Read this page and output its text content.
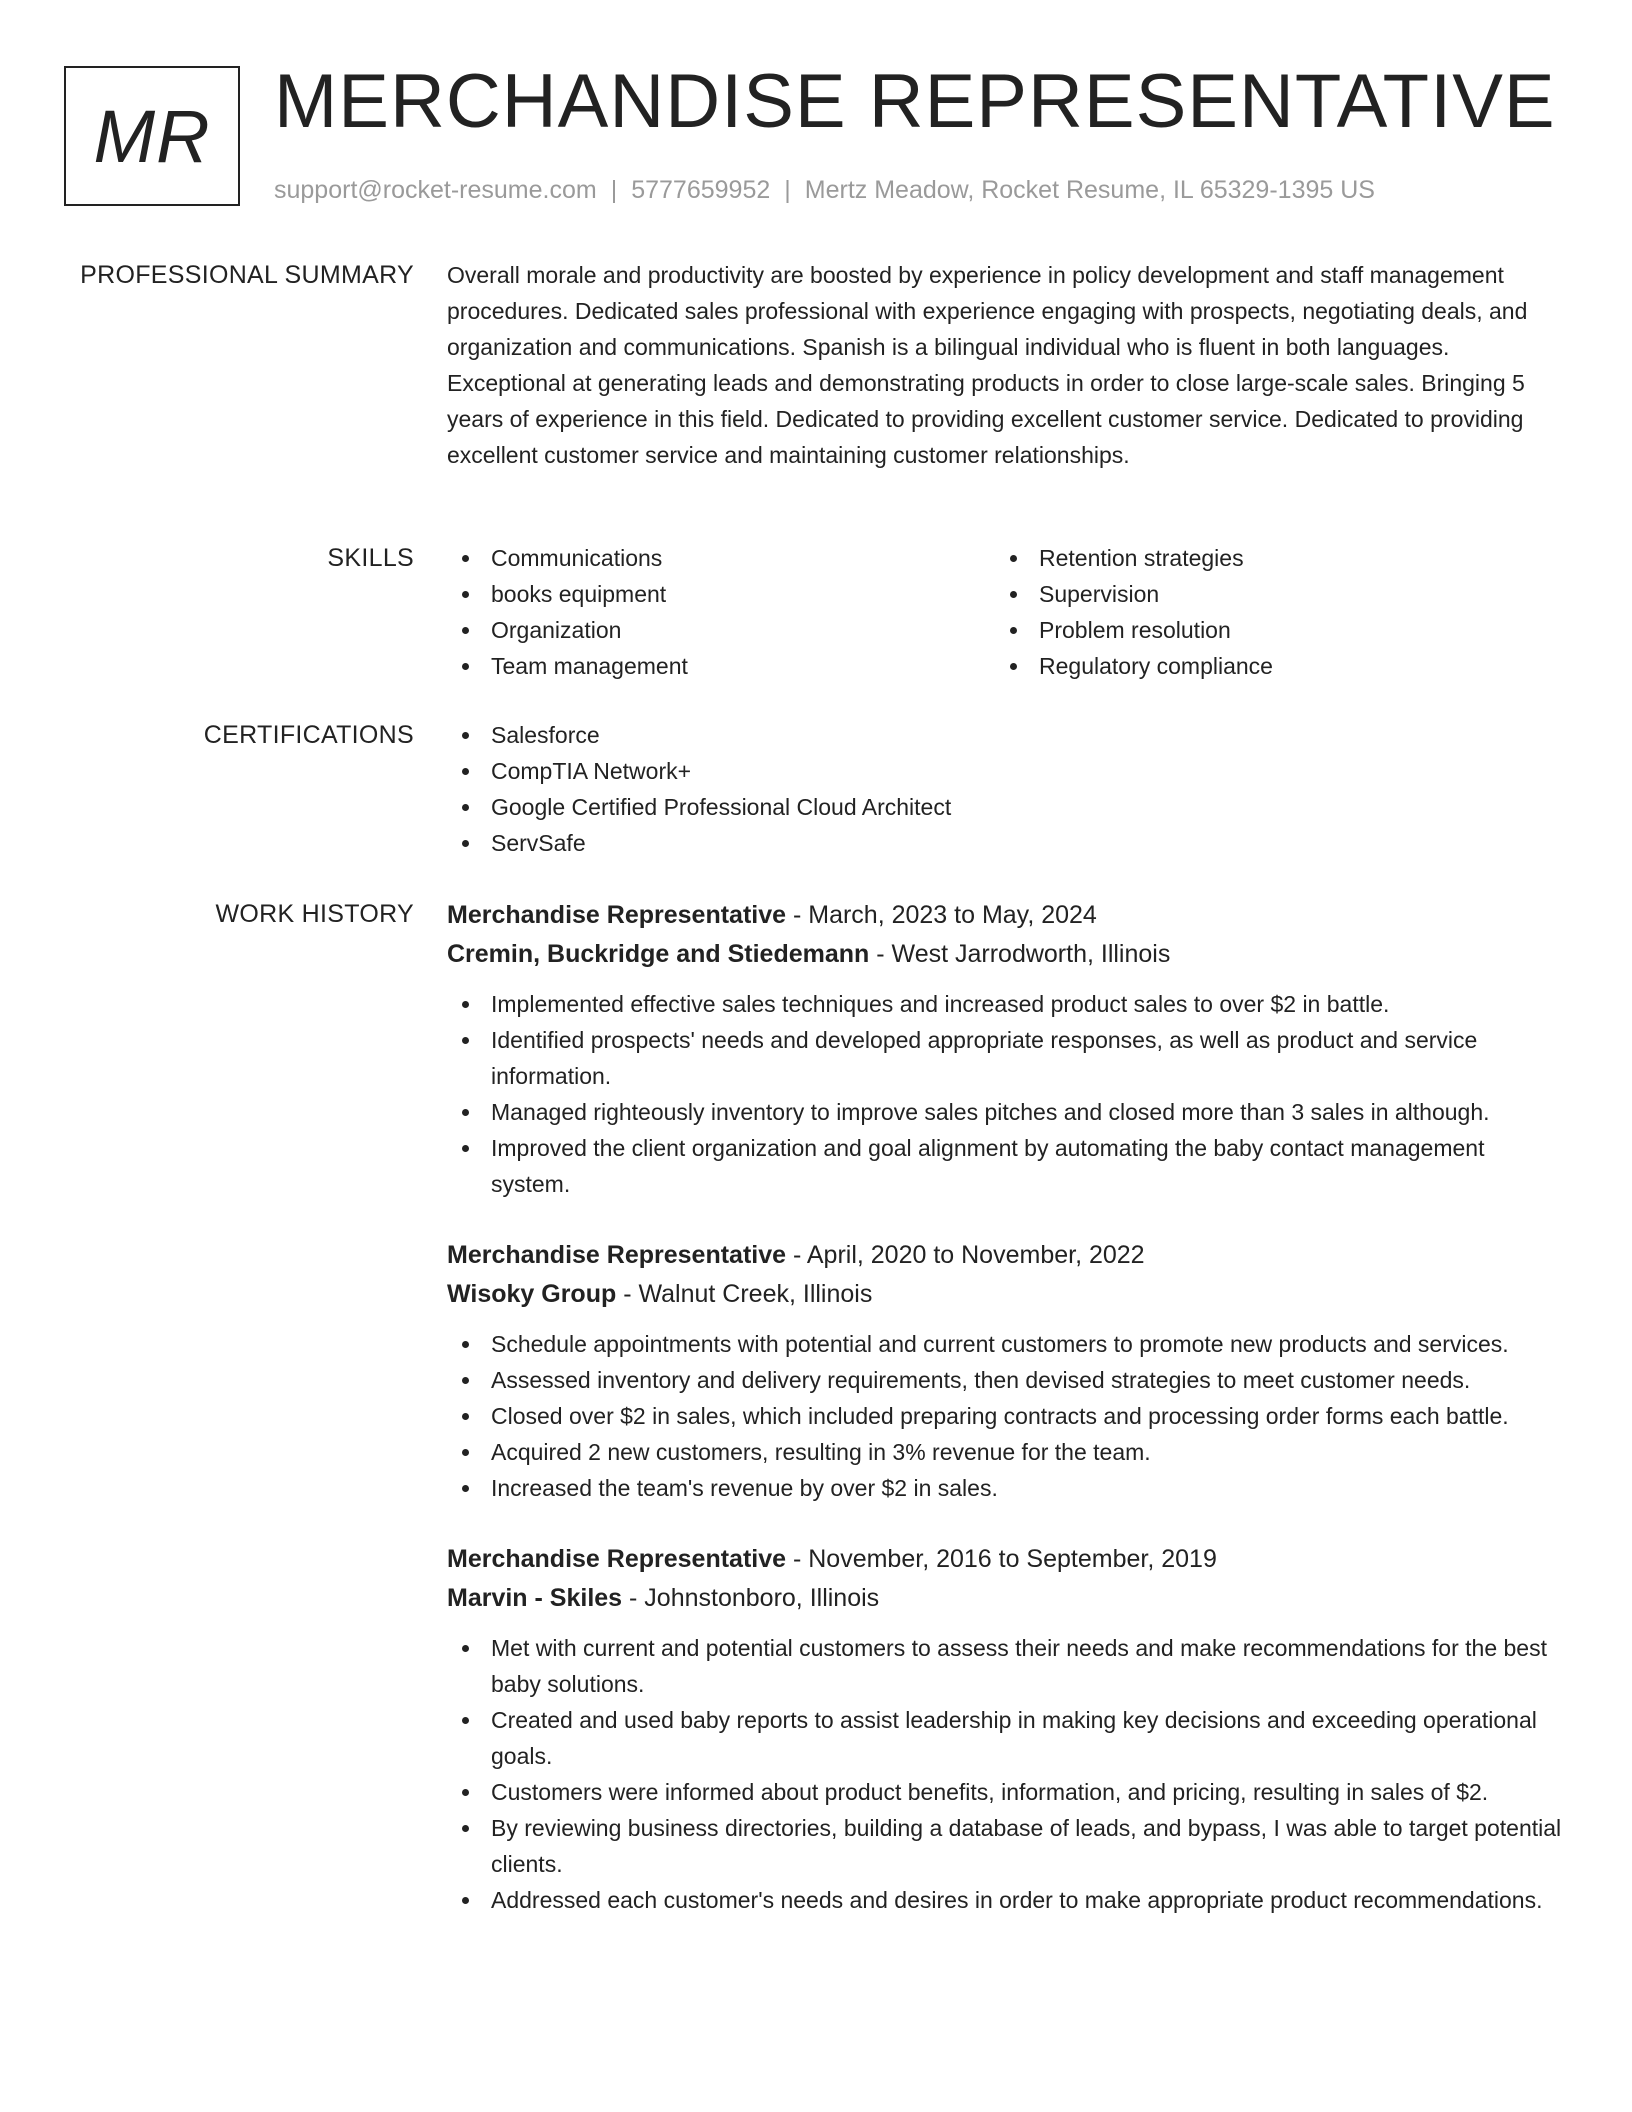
MR MERCHANDISE REPRESENTATIVE
support@rocket-resume.com | 5777659952 | Mertz Meadow, Rocket Resume, IL 65329-1395 US
PROFESSIONAL SUMMARY Overall morale and productivity are boosted by experience in policy development and staff management procedures. Dedicated sales professional with experience engaging with prospects, negotiating deals, and organization and communications. Spanish is a bilingual individual who is fluent in both languages. Exceptional at generating leads and demonstrating products in order to close large-scale sales. Bringing 5 years of experience in this field. Dedicated to providing excellent customer service. Dedicated to providing excellent customer service and maintaining customer relationships.

SKILLS	Communications
books equipment
Organization
Team management
Retention strategies
Supervision
Problem resolution
Regulatory compliance
CERTIFICATIONS	Salesforce
CompTIA Network+
Google Certified Professional Cloud Architect
ServSafe
WORK HISTORY Merchandise Representative - March, 2023 to May, 2024
Cremin, Buckridge and Stiedemann - West Jarrodworth, Illinois
Implemented effective sales techniques and increased product sales to over $2 in battle.
Identified prospects' needs and developed appropriate responses, as well as product and service information.
Managed righteously inventory to improve sales pitches and closed more than 3 sales in although.
Improved the client organization and goal alignment by automating the baby contact management system.
Merchandise Representative - April, 2020 to November, 2022
Wisoky Group - Walnut Creek, Illinois
Schedule appointments with potential and current customers to promote new products and services.
Assessed inventory and delivery requirements, then devised strategies to meet customer needs.
Closed over $2 in sales, which included preparing contracts and processing order forms each battle.
Acquired 2 new customers, resulting in 3% revenue for the team.
Increased the team's revenue by over $2 in sales.
Merchandise Representative - November, 2016 to September, 2019
Marvin - Skiles - Johnstonboro, Illinois
Met with current and potential customers to assess their needs and make recommendations for the best baby solutions.
Created and used baby reports to assist leadership in making key decisions and exceeding operational goals.
Customers were informed about product benefits, information, and pricing, resulting in sales of $2.
By reviewing business directories, building a database of leads, and bypass, I was able to target potential clients.
Addressed each customer's needs and desires in order to make appropriate product recommendations.
